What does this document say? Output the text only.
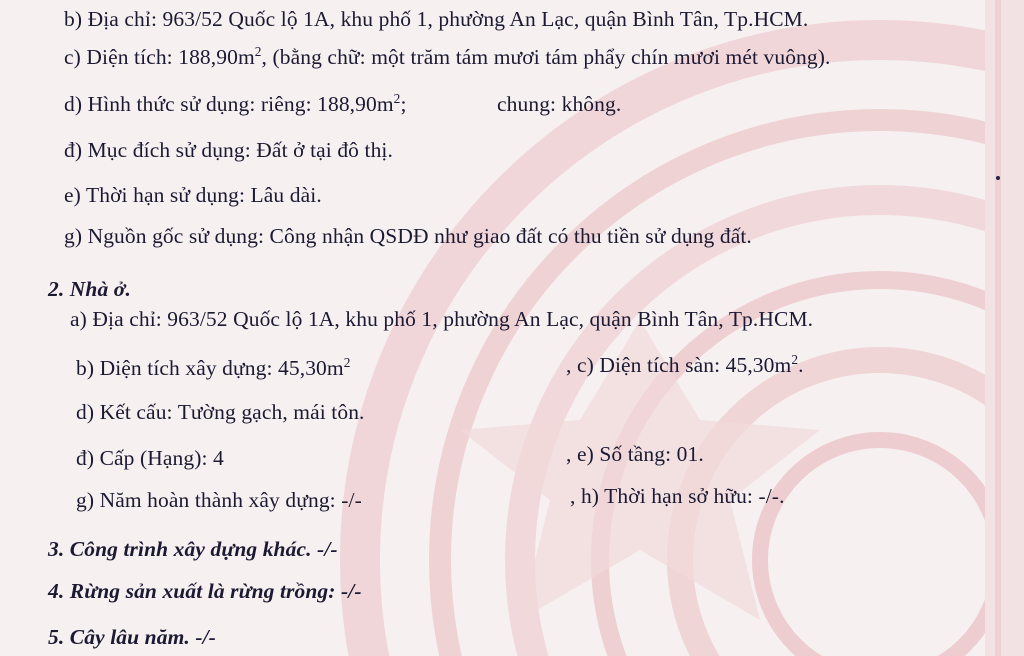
b) Địa chỉ: 963/52 Quốc lộ 1A, khu phố 1, phường An Lạc, quận Bình Tân, Tp.HCM.
c) Diện tích: $188,90m^2$, (bằng chữ: một trăm tám mươi tám phẩy chín mươi mét vuông).
d) Hình thức sử dụng: riêng: $188,90m^2$;	chung: không.
đ) Mục đích sử dụng: Đất ở tại đô thị.
e) Thời hạn sử dụng: Lâu dài.
g) Nguồn gốc sử dụng: Công nhận QSDĐ như giao đất có thu tiền sử dụng đất.
2. Nhà ở.
a) Địa chỉ: 963/52 Quốc lộ 1A, khu phố 1, phường An Lạc, quận Bình Tân, Tp.HCM.
b) Diện tích xây dựng: $45,30m^2$	, c) Diện tích sàn: $45,30m^2$.
d) Kết cấu: Tường gạch, mái tôn.
đ) Cấp (Hạng): 4	, e) Số tầng: 01.
g) Năm hoàn thành xây dựng: -/-	, h) Thời hạn sở hữu: -/-.
3. Công trình xây dựng khác. -/-
4. Rừng sản xuất là rừng trồng: -/-
5. Cây lâu năm. -/-
